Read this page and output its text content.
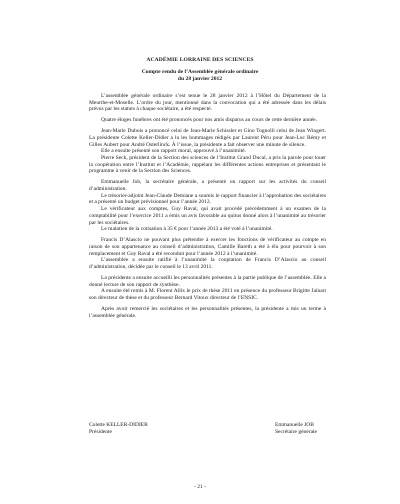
ACADÉMIE LORRAINE DES SCIENCES
Compte rendu de l’Assemblée générale ordinaire
du 28 janvier 2012

L’assemblée générale ordinaire s’est tenue le 28 janvier 2012 à l’Hôtel du Département de la Meurthe-et-Moselle. L’ordre du jour, mentionné dans la convocation qui a été adressée dans les délais prévus par les statuts à chaque sociétaire, a été respecté.

Quatre éloges funèbres ont été prononcés pour nos amis disparus au cours de cette dernière année.

Jean-Marie Dubois a prononcé celui de Jean-Marie Schissler et Gino Tognolli celui de Jean Wingert. La présidente Colette Keller-Didier a lu les hommages rédigés par Laurent Péru pour Jean-Luc Rémy et Gilles Aubert pour André Osterlinck. À l’issue, la présidente a fait observer une minute de silence.

Elle a ensuite présenté son rapport moral, approuvé à l’unanimité.

Pierre Seck, président de la Section des sciences de l’Institut Grand Ducal, a pris la parole pour louer la coopération entre l’Institut et l’Académie, rappelant les différentes actions entreprises et présentant le programme à venir de la Section des Sciences.

Emmanuelle Job, la secrétaire générale, a présenté un rapport sur les activités du conseil d’administration.

Le trésorier-adjoint Jean-Claude Demiane a soumis le rapport financier à l’approbation des sociétaires et a présenté un budget prévisionnel pour l’année 2012.

Le vérificateur aux comptes, Guy Raval, qui avait procédé précédemment à un examen de la comptabilité pour l’exercice 2011 a émis un avis favorable au quitus donné alors à l’unanimité au trésorier par les sociétaires.

Le maintien de la cotisation à 35 € pour l’année 2013 a été voté à l’unanimité.

Francis D’Alascio ne pouvant plus prétendre à exercer les fonctions de vérificateur au compte en raison de son appartenance au conseil d’administration, Camille Bareth a été à élu pour pourvoir à son remplacement et Guy Raval a été reconduit pour l’année 2012 à l’unanimité.

L’assemblée a ensuite ratifié à l’unanimité la cooptation de Francis D’Alascio au conseil d’administration, décidée par le conseil le 13 avril 2011.

La présidente a ensuite accueilli les personnalités présentes à la partie publique de l’assemblée. Elle a donné lecture de son rapport de synthèse.

A ensuite été remis à M. Florent Allix le prix de thèse 2011 en présence du professeur Brigitte Jaïnart son directeur de thèse et du professeur Bernard Vitoux directeur de l’ENSIC.

Après avoir remercié les sociétaires et les personnalités présentes, la présidente a mis un terme à l’assemblée générale.

Colette KELLER-DIDIER
Présidente
Emmanuelle JOB
Secrétaire générale
- 21 -
